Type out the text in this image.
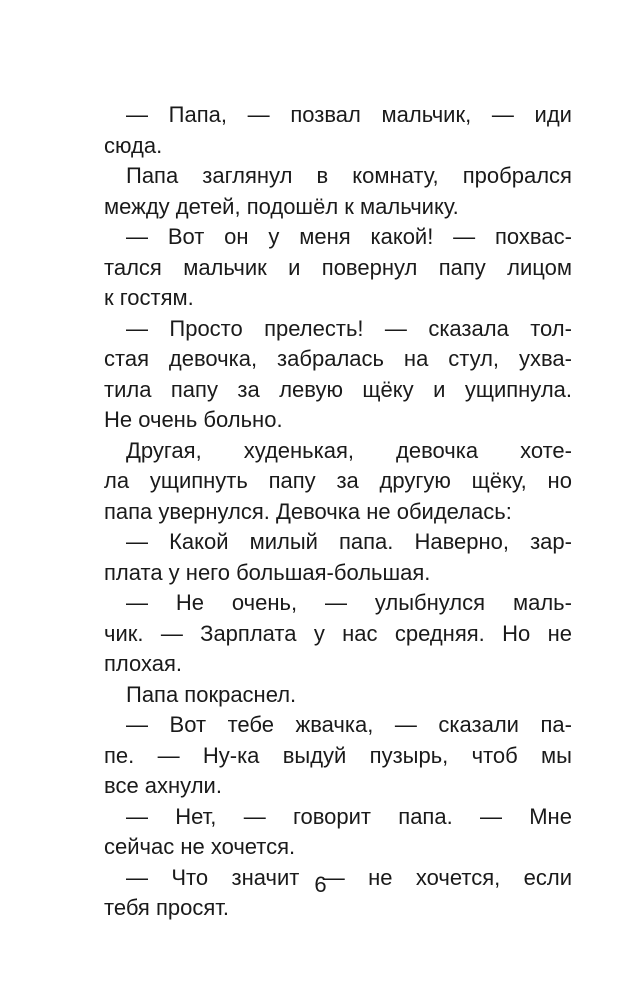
— Папа, — позвал мальчик, — иди
сюда.
Папа заглянул в комнату, пробрался
между детей, подошёл к мальчику.
— Вот он у меня какой! — похвас-
тался мальчик и повернул папу лицом
к гостям.
— Просто прелесть! — сказала тол-
стая девочка, забралась на стул, ухва-
тила папу за левую щёку и ущипнула.
Не очень больно.
Другая, худенькая, девочка хоте-
ла ущипнуть папу за другую щёку, но
папа увернулся. Девочка не обиделась:
— Какой милый папа. Наверно, зар-
плата у него большая-большая.
— Не очень, — улыбнулся маль-
чик. — Зарплата у нас средняя. Но не
плохая.
Папа покраснел.
— Вот тебе жвачка, — сказали па-
пе. — Ну-ка выдуй пузырь, чтоб мы
все ахнули.
— Нет, — говорит папа. — Мне
сейчас не хочется.
— Что значит — не хочется, если
тебя просят.
6
